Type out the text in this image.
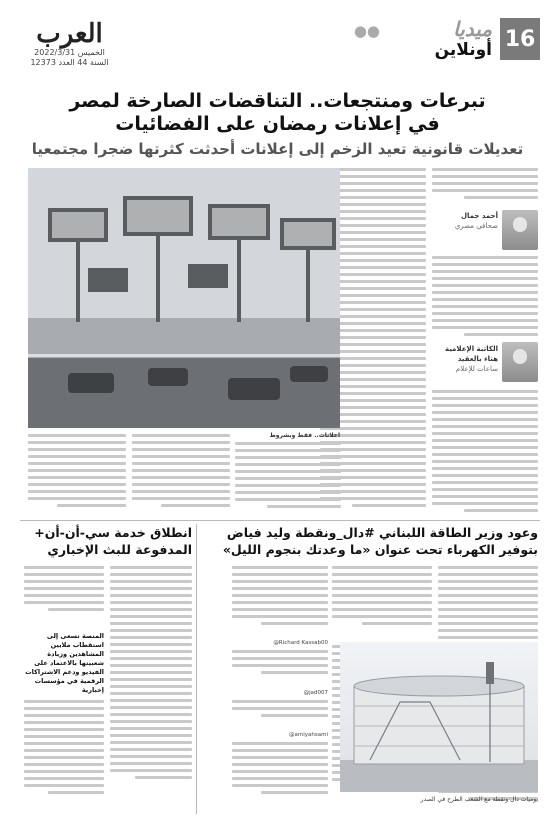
16
ميديا
أونلاين
●●
العرب
الخميس 2022/3/31
السنة 44 العدد 12373
تبرعات ومنتجعات.. التناقضات الصارخة لمصر
في إعلانات رمضان على الفضائيات
تعديلات قانونية تعيد الزخم إلى إعلانات أحدثت كثرتها ضجرا مجتمعيا
أحمد جمال
صحافي مصري
الكاتبة الإعلامية
هناء بالعقيد
ساعات للإعلام
اعلانات.. فقط وبشروط
وعود وزير الطاقة اللبناني #دال_ونقطة وليد فياض
بتوفير الكهرباء تحت عنوان «ما وعدتك بنجوم الليل»
انطلاق خدمة سي-أن-أن+
المدفوعة للبث الإخباري
@Richard Kassab00
@jad007
@amiyahsami
المنصة تسعى إلى استقطاب ملايين المشاهدين وزيادة شعبيتها بالاعتماد على الفيديو ودعم الاشتراكات الرقمية في مؤسسات إخبارية
يوميات دال ونقطة مع الشعب الطرح في الصدر
